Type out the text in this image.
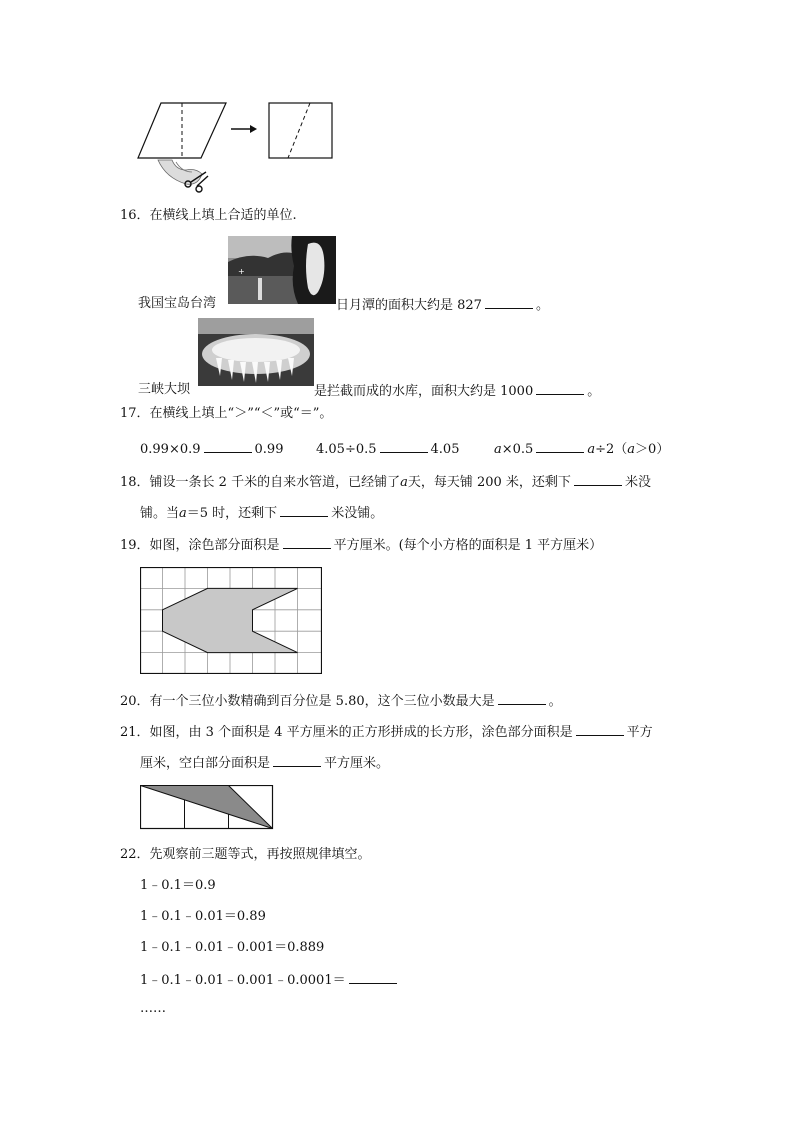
16．在横线上填上合适的单位.
+
我国宝岛台湾	日月潭的面积大约是 827	。
三峡大坝	是拦截而成的水库，面积大约是 1000	。
17．在横线上填上“＞”“＜”或“＝”。
0.99×0.9	0.99	4.05÷0.5	4.05	a×0.5	a÷2（a＞0）
18．铺设一条长 2 千米的自来水管道，已经铺了a天，每天铺 200 米，还剩下	米没
铺。当a＝5 时，还剩下	米没铺。
19．如图，涂色部分面积是	平方厘米。(每个小方格的面积是 1 平方厘米）
20．有一个三位小数精确到百分位是 5.80，这个三位小数最大是	。
21．如图，由 3 个面积是 4 平方厘米的正方形拼成的长方形，涂色部分面积是	平方
厘米，空白部分面积是	平方厘米。
22．先观察前三题等式，再按照规律填空。
1﹣0.1＝0.9
1﹣0.1﹣0.01＝0.89
1﹣0.1﹣0.01﹣0.001＝0.889
1﹣0.1﹣0.01﹣0.001﹣0.0001＝
……
